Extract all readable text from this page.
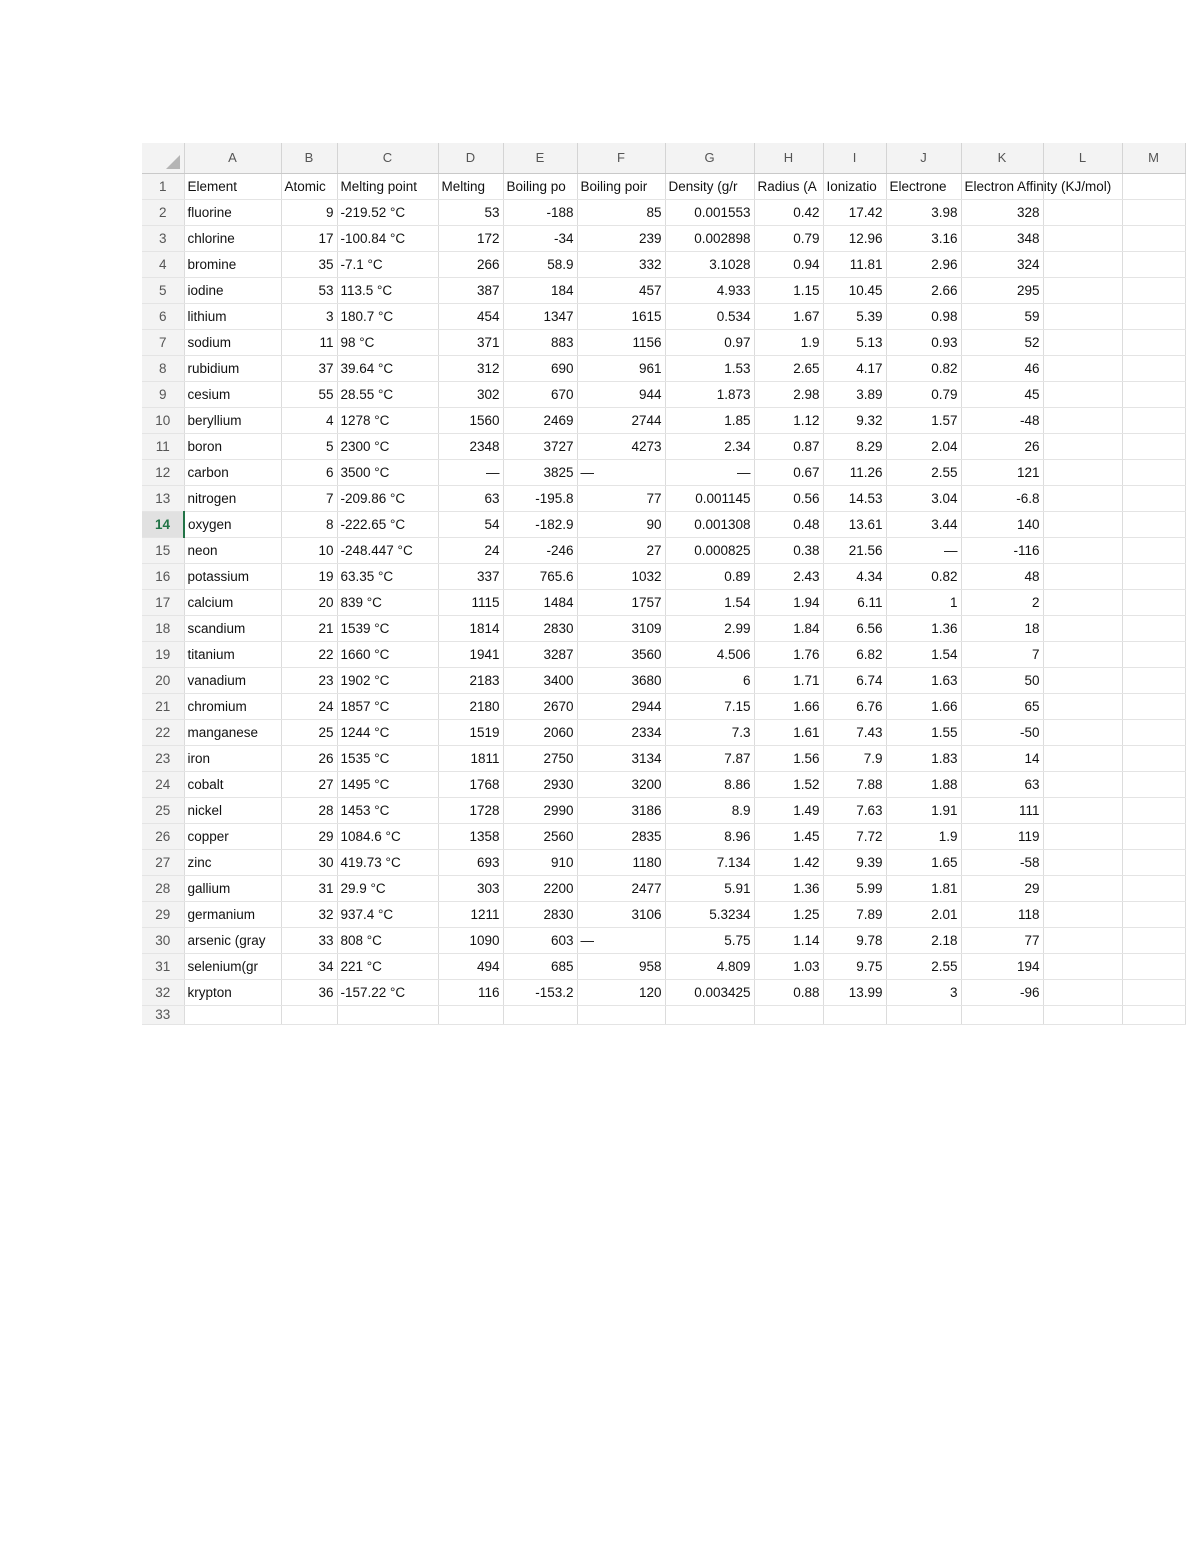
	A	B	C	D	E	F	G	H	I	J	K	L	M
1	Element	Atomic	Melting point	Melting	Boiling po	Boiling poir	Density (g/r	Radius (A	Ionizatio	Electrone	Electron Affinity (KJ/mol)		
2	fluorine	9	-219.52 °C	53	-188	85	0.001553	0.42	17.42	3.98	328		
3	chlorine	17	-100.84 °C	172	-34	239	0.002898	0.79	12.96	3.16	348		
4	bromine	35	-7.1 °C	266	58.9	332	3.1028	0.94	11.81	2.96	324		
5	iodine	53	113.5 °C	387	184	457	4.933	1.15	10.45	2.66	295		
6	lithium	3	180.7 °C	454	1347	1615	0.534	1.67	5.39	0.98	59		
7	sodium	11	98 °C	371	883	1156	0.97	1.9	5.13	0.93	52		
8	rubidium	37	39.64 °C	312	690	961	1.53	2.65	4.17	0.82	46		
9	cesium	55	28.55 °C	302	670	944	1.873	2.98	3.89	0.79	45		
10	beryllium	4	1278 °C	1560	2469	2744	1.85	1.12	9.32	1.57	-48		
11	boron	5	2300 °C	2348	3727	4273	2.34	0.87	8.29	2.04	26		
12	carbon	6	3500 °C	—	3825	—	—	0.67	11.26	2.55	121		
13	nitrogen	7	-209.86 °C	63	-195.8	77	0.001145	0.56	14.53	3.04	-6.8		
14	oxygen	8	-222.65 °C	54	-182.9	90	0.001308	0.48	13.61	3.44	140		
15	neon	10	-248.447 °C	24	-246	27	0.000825	0.38	21.56	—	-116		
16	potassium	19	63.35 °C	337	765.6	1032	0.89	2.43	4.34	0.82	48		
17	calcium	20	839 °C	1115	1484	1757	1.54	1.94	6.11	1	2		
18	scandium	21	1539 °C	1814	2830	3109	2.99	1.84	6.56	1.36	18		
19	titanium	22	1660 °C	1941	3287	3560	4.506	1.76	6.82	1.54	7		
20	vanadium	23	1902 °C	2183	3400	3680	6	1.71	6.74	1.63	50		
21	chromium	24	1857 °C	2180	2670	2944	7.15	1.66	6.76	1.66	65		
22	manganese	25	1244 °C	1519	2060	2334	7.3	1.61	7.43	1.55	-50		
23	iron	26	1535 °C	1811	2750	3134	7.87	1.56	7.9	1.83	14		
24	cobalt	27	1495 °C	1768	2930	3200	8.86	1.52	7.88	1.88	63		
25	nickel	28	1453 °C	1728	2990	3186	8.9	1.49	7.63	1.91	111		
26	copper	29	1084.6 °C	1358	2560	2835	8.96	1.45	7.72	1.9	119		
27	zinc	30	419.73 °C	693	910	1180	7.134	1.42	9.39	1.65	-58		
28	gallium	31	29.9 °C	303	2200	2477	5.91	1.36	5.99	1.81	29		
29	germanium	32	937.4 °C	1211	2830	3106	5.3234	1.25	7.89	2.01	118		
30	arsenic (gray	33	808 °C	1090	603	—	5.75	1.14	9.78	2.18	77		
31	selenium(gr	34	221 °C	494	685	958	4.809	1.03	9.75	2.55	194		
32	krypton	36	-157.22 °C	116	-153.2	120	0.003425	0.88	13.99	3	-96		
33													
